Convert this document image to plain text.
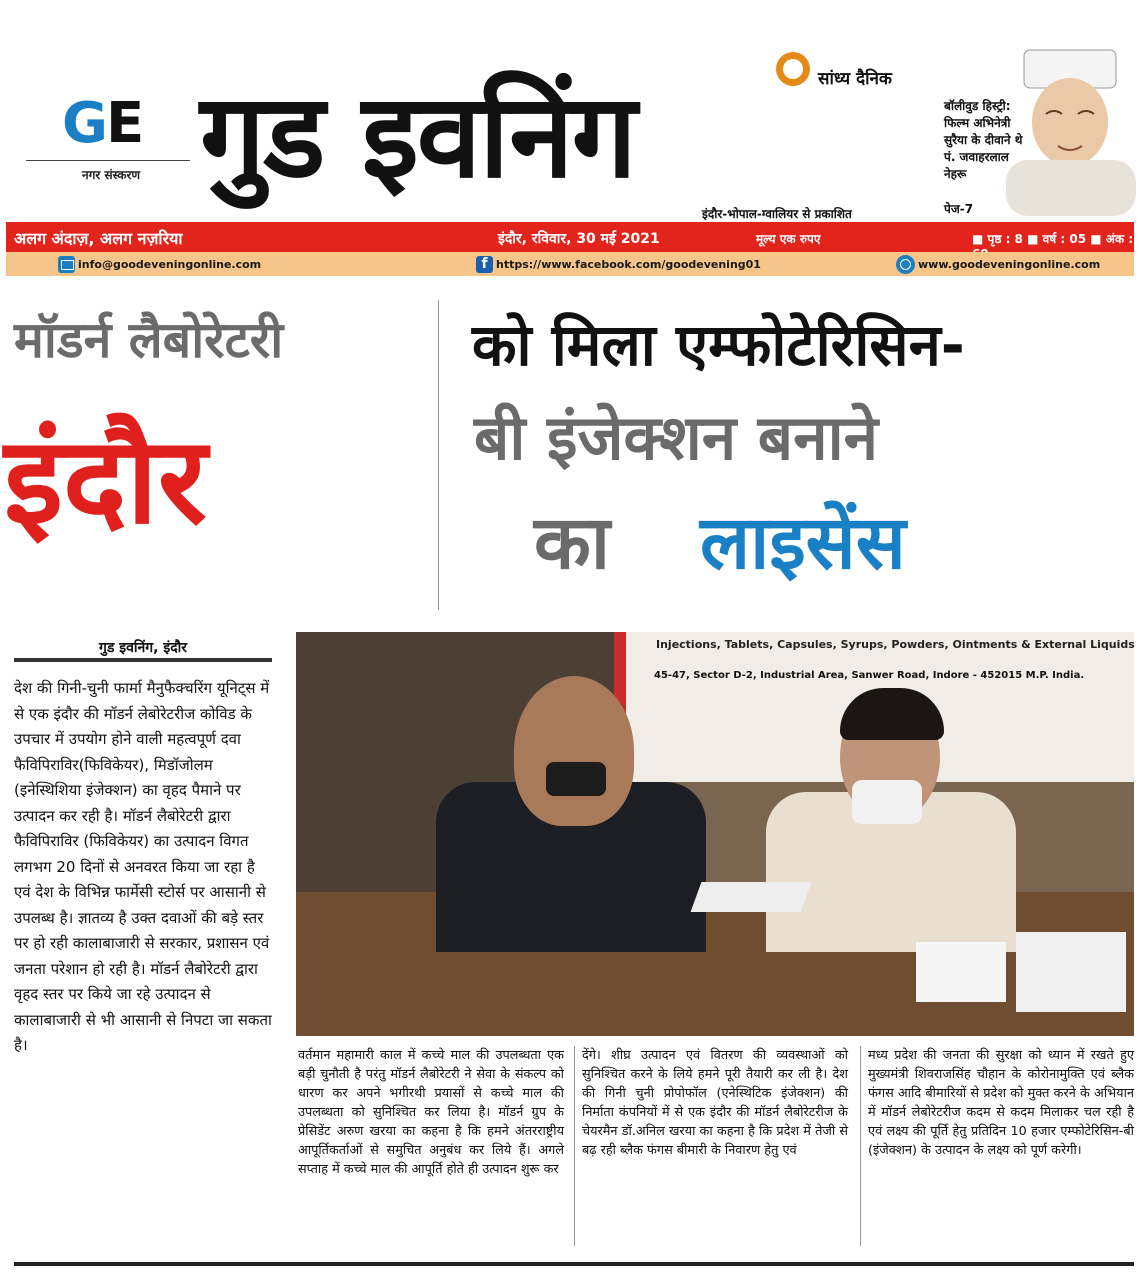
G
E
नगर संस्करण
सांध्य दैनिक
गुड इवनिंग
इंदौर-भोपाल-ग्वालियर से प्रकाशित
बॉलीवुड हिस्ट्री: फिल्म अभिनेत्री सुरैया के दीवाने थे पं. जवाहरलाल नेहरू
पेज-7
अलग अंदाज़, अलग नज़रिया	इंदौर, रविवार, 30 मई 2021	मूल्य एक रुपए	■ पृष्ठ : 8 ■ वर्ष : 05 ■ अंक :
info@goodeveningonline.com	f https://www.facebook.com/goodevening01	www.goodeveningonline.com
मॉडर्न लैबोरेटरी
इंदौर
को मिला एम्फोटेरिसिन-
बी इंजेक्शन बनाने
का लाइसेंस
गुड इवनिंग, इंदौर
देश की गिनी-चुनी फार्मा मैनुफैक्चरिंग यूनिट्स में से एक इंदौर की मॉडर्न लेबोरेटरीज कोविड के उपचार में उपयोग होने वाली महत्वपूर्ण दवा फैविपिराविर(फिविकेयर), मिडॉजोलम (इनेस्थिशिया इंजेक्शन) का वृहद पैमाने पर उत्पादन कर रही है। मॉडर्न लैबोरेटरी द्वारा फैविपिराविर (फिविकेयर) का उत्पादन विगत लगभग 20 दिनों से अनवरत किया जा रहा है एवं देश के विभिन्न फार्मेसी स्टोर्स पर आसानी से उपलब्ध है। ज्ञातव्य है उक्त दवाओं की बड़े स्तर पर हो रही कालाबाजारी से सरकार, प्रशासन एवं जनता परेशान हो रही है। मॉडर्न लैबोरेटरी द्वारा वृहद स्तर पर किये जा रहे उत्पादन से कालाबाजारी से भी आसानी से निपटा जा सकता है।
Injections, Tablets, Capsules, Syrups, Powders, Ointments & External Liquids
45-47, Sector D-2, Industrial Area, Sanwer Road, Indore - 452015 M.P. India.
वर्तमान महामारी काल में कच्चे माल की उपलब्धता एक बड़ी चुनौती है परंतु मॉडर्न लैबोरेटरी ने सेवा के संकल्प को धारण कर अपने भगीरथी प्रयासों से कच्चे माल की उपलब्धता को सुनिश्चित कर लिया है। मॉडर्न ग्रुप के प्रेसिडेंट अरुण खरया का कहना है कि हमने अंतरराष्ट्रीय आपूर्तिकर्ताओं से समुचित अनुबंध कर लिये हैं। अगले सप्ताह में कच्चे माल की आपूर्ति होते ही उत्पादन शुरू कर
देंगे। शीघ्र उत्पादन एवं वितरण की व्यवस्थाओं को सुनिश्चित करने के लिये हमने पूरी तैयारी कर ली है। देश की गिनी चुनी प्रोपोफॉल (एनेस्थिटिक इंजेक्शन) की निर्माता कंपनियों में से एक इंदौर की मॉडर्न लैबोरेटरीज के चेयरमैन डॉ.अनिल खरया का कहना है कि प्रदेश में तेजी से बढ़ रही ब्लैक फंगस बीमारी के निवारण हेतु एवं
मध्य प्रदेश की जनता की सुरक्षा को ध्यान में रखते हुए मुख्यमंत्री शिवराजसिंह चौहान के कोरोनामुक्ति एवं ब्लैक फंगस आदि बीमारियों से प्रदेश को मुक्त करने के अभियान में मॉडर्न लेबोरेटरीज कदम से कदम मिलाकर चल रही है एवं लक्ष्य की पूर्ति हेतु प्रतिदिन 10 हजार एम्फोटेरिसिन-बी (इंजेक्शन) के उत्पादन के लक्ष्य को पूर्ण करेगी।
